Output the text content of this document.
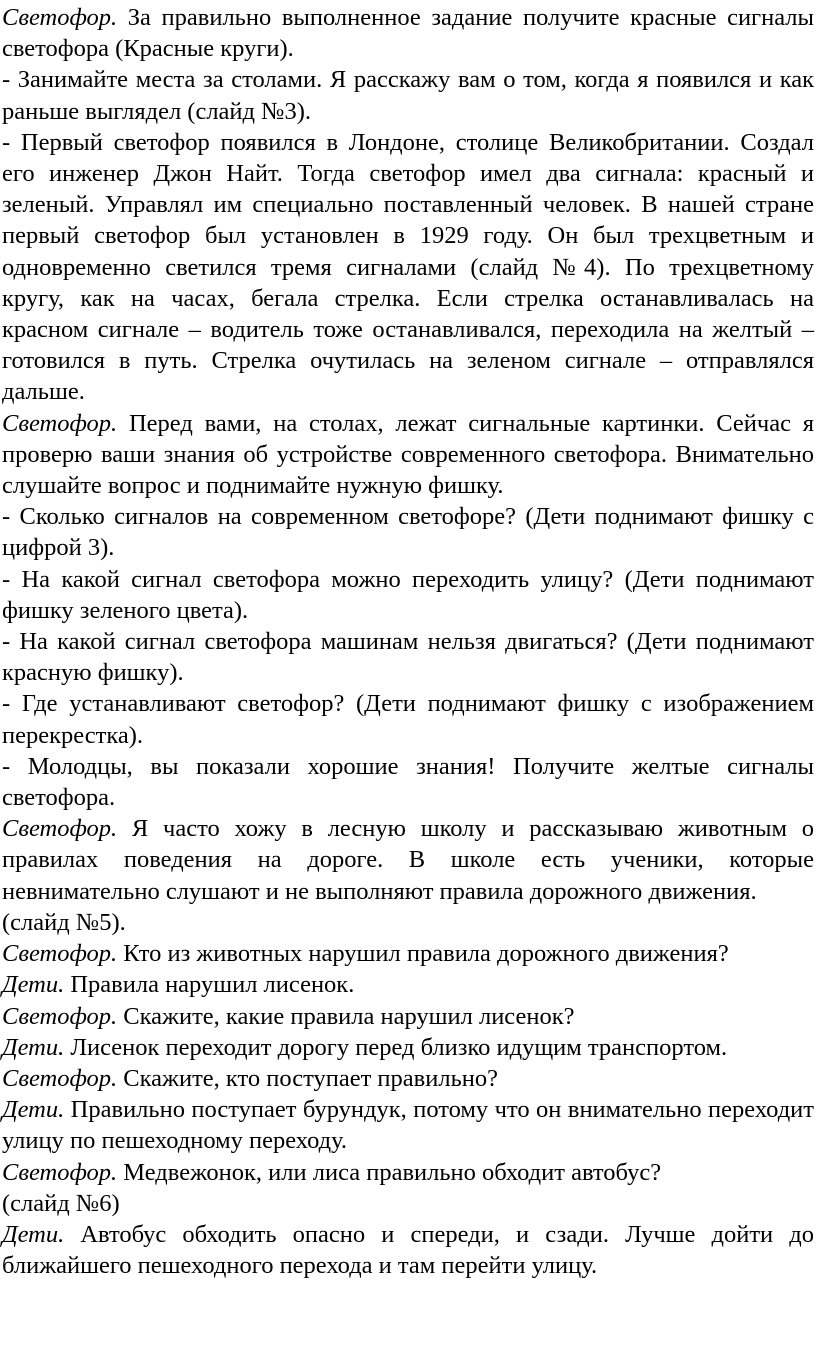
Светофор. За правильно выполненное задание получите красные сигналы светофора (Красные круги).

- Занимайте места за столами. Я расскажу вам о том, когда я появился и как раньше выглядел (слайд №3).

- Первый светофор появился в Лондоне, столице Великобритании. Создал его инженер Джон Найт. Тогда светофор имел два сигнала: красный и зеленый. Управлял им специально поставленный человек. В нашей стране первый светофор был установлен в 1929 году. Он был трехцветным и одновременно светился тремя сигналами (слайд №4). По трехцветному кругу, как на часах, бегала стрелка. Если стрелка останавливалась на красном сигнале – водитель тоже останавливался, переходила на желтый – готовился в путь. Стрелка очутилась на зеленом сигнале – отправлялся дальше.

Светофор. Перед вами, на столах, лежат сигнальные картинки. Сейчас я проверю ваши знания об устройстве современного светофора. Внимательно слушайте вопрос и поднимайте нужную фишку.

- Сколько сигналов на современном светофоре? (Дети поднимают фишку с цифрой 3).

- На какой сигнал светофора можно переходить улицу? (Дети поднимают фишку зеленого цвета).

- На какой сигнал светофора машинам нельзя двигаться? (Дети поднимают красную фишку).

- Где устанавливают светофор? (Дети поднимают фишку с изображением перекрестка).

- Молодцы, вы показали хорошие знания! Получите желтые сигналы светофора.

Светофор. Я часто хожу в лесную школу и рассказываю животным о правилах поведения на дороге. В школе есть ученики, которые невнимательно слушают и не выполняют правила дорожного движения.

(слайд №5).

Светофор. Кто из животных нарушил правила дорожного движения?

Дети. Правила нарушил лисенок.

Светофор. Скажите, какие правила нарушил лисенок?

Дети. Лисенок переходит дорогу перед близко идущим транспортом.

Светофор. Скажите, кто поступает правильно?

Дети. Правильно поступает бурундук, потому что он внимательно переходит улицу по пешеходному переходу.

Светофор. Медвежонок, или лиса правильно обходит автобус?

(слайд №6)

Дети. Автобус обходить опасно и спереди, и сзади. Лучше дойти до ближайшего пешеходного перехода и там перейти улицу.
